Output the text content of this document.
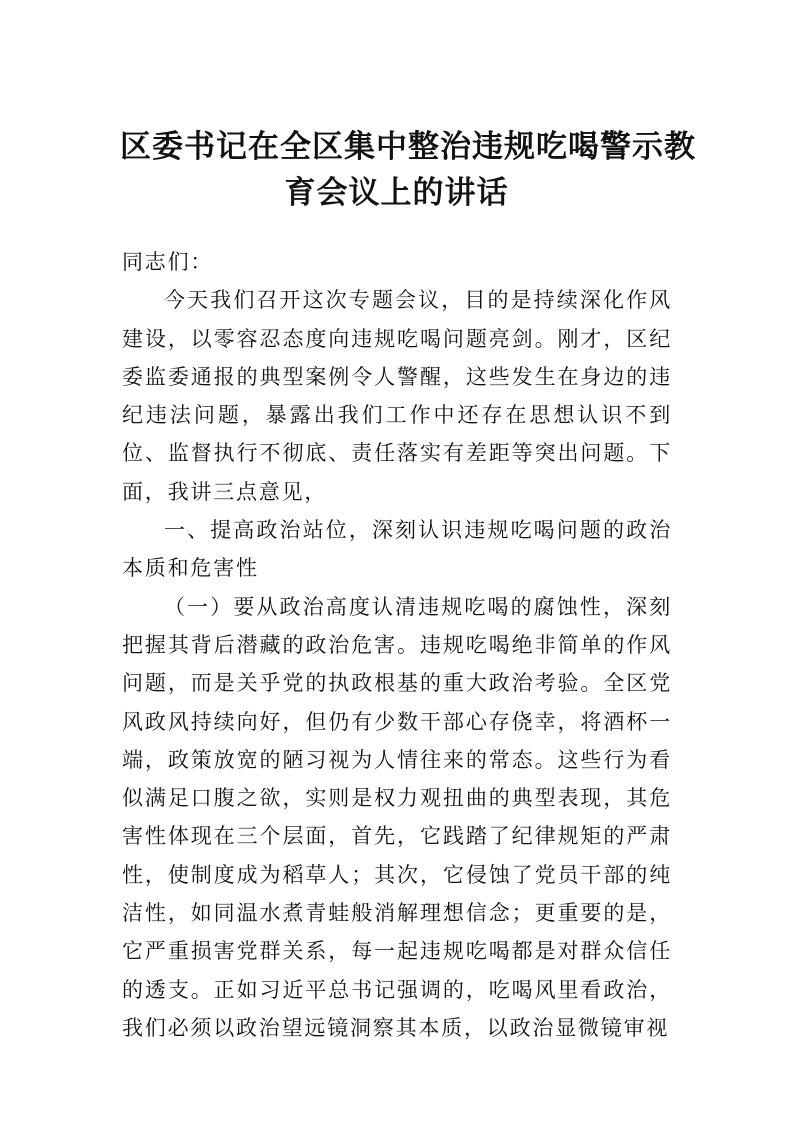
区委书记在全区集中整治违规吃喝警示教
育会议上的讲话

同志们：

今天我们召开这次专题会议，目的是持续深化作风建设，以零容忍态度向违规吃喝问题亮剑。刚才，区纪委监委通报的典型案例令人警醒，这些发生在身边的违纪违法问题，暴露出我们工作中还存在思想认识不到位、监督执行不彻底、责任落实有差距等突出问题。下面，我讲三点意见，

一、提高政治站位，深刻认识违规吃喝问题的政治本质和危害性

（一）要从政治高度认清违规吃喝的腐蚀性，深刻把握其背后潜藏的政治危害。违规吃喝绝非简单的作风问题，而是关乎党的执政根基的重大政治考验。全区党风政风持续向好，但仍有少数干部心存侥幸，将酒杯一端，政策放宽的陋习视为人情往来的常态。这些行为看似满足口腹之欲，实则是权力观扭曲的典型表现，其危害性体现在三个层面，首先，它践踏了纪律规矩的严肃性，使制度成为稻草人；其次，它侵蚀了党员干部的纯洁性，如同温水煮青蛙般消解理想信念；更重要的是，它严重损害党群关系，每一起违规吃喝都是对群众信任的透支。正如习近平总书记强调的，吃喝风里看政治，我们必须以政治望远镜洞察其本质，以政治显微镜审视
